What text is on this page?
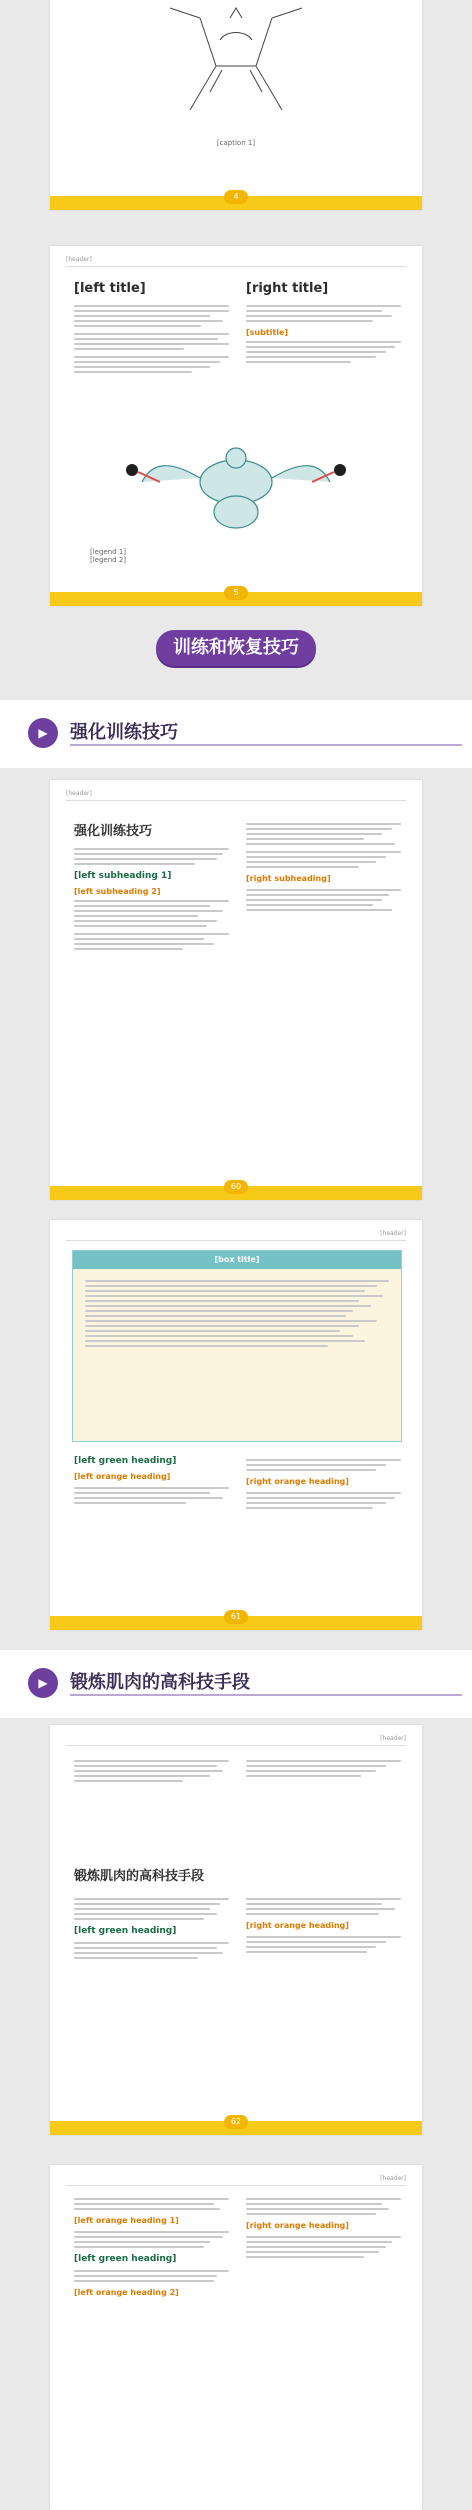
[caption 1]
4
[header]
[left title]	[right title]
[subtitle]
[legend 1]
[legend 2]
5
训练和恢复技巧
▶	强化训练技巧
[header]
强化训练技巧
[left subheading 1]
[left subheading 2]
[right subheading]
60
[header]
[box title]
[left green heading]
[left orange heading]
[right orange heading]
61
▶	锻炼肌肉的高科技手段
[header]
锻炼肌肉的高科技手段
[left green heading]
[right orange heading]
62
[header]
[left orange heading 1]
[left green heading]
[left orange heading 2]
[right orange heading]
